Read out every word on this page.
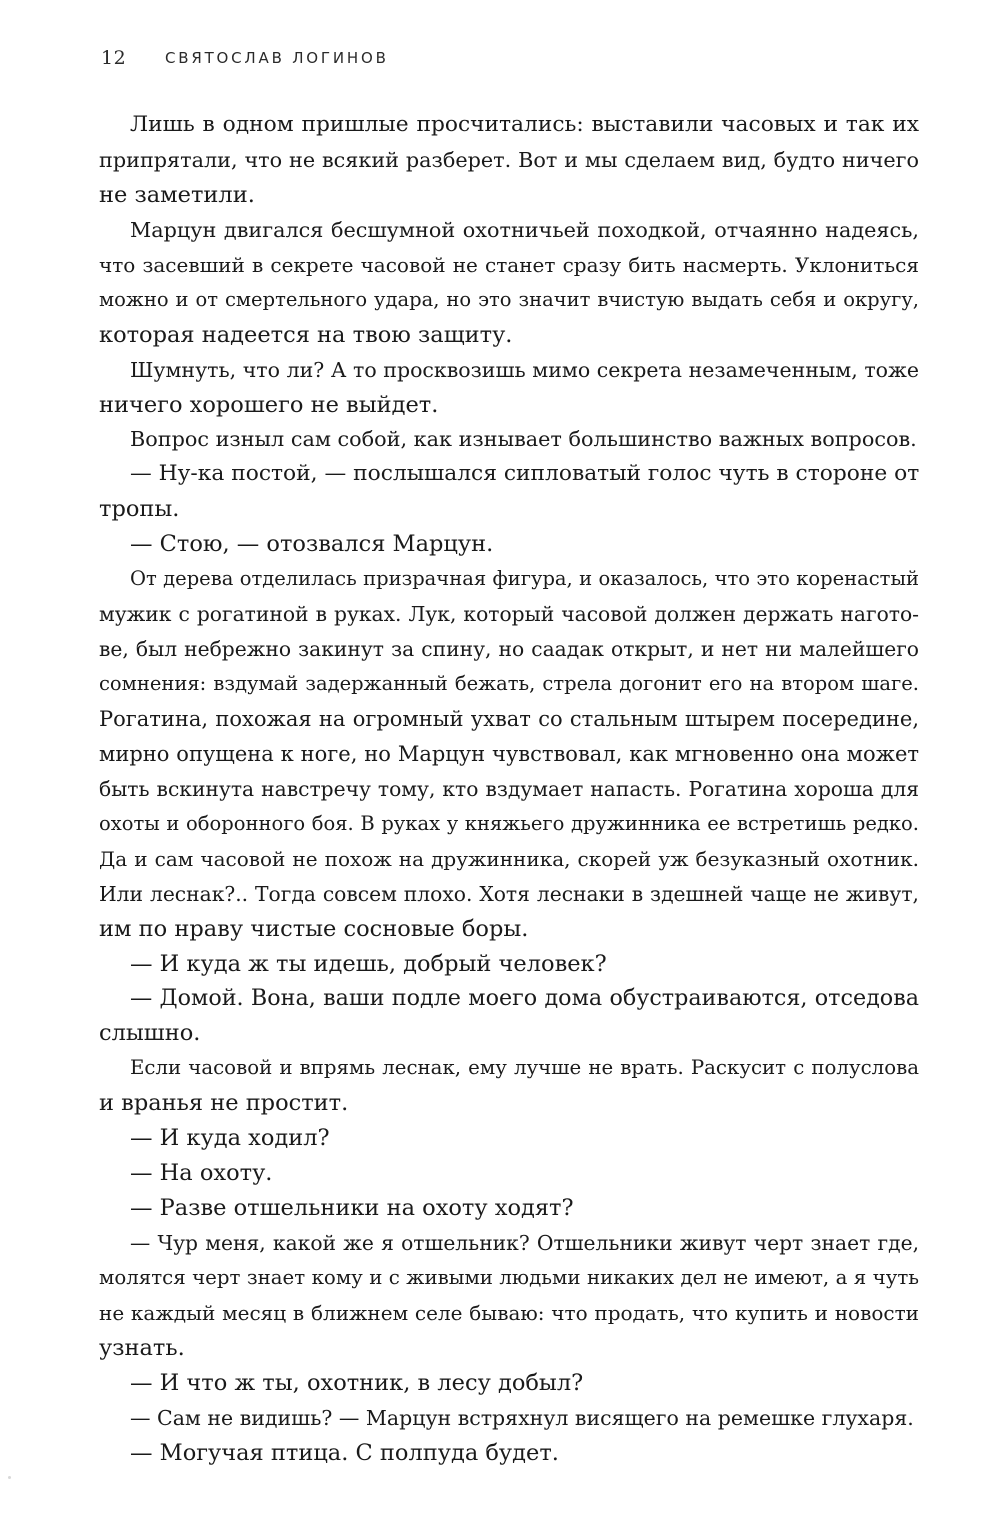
12	СВЯТОСЛАВ ЛОГИНОВ
Лишь в одном пришлые просчитались: выставили часовых и так их
припрятали, что не всякий разберет. Вот и мы сделаем вид, будто ничего
не заметили.
Марцун двигался бесшумной охотничьей походкой, отчаянно надеясь,
что засевший в секрете часовой не станет сразу бить насмерть. Уклониться
можно и от смертельного удара, но это значит вчистую выдать себя и округу,
которая надеется на твою защиту.
Шумнуть, что ли? А то просквозишь мимо секрета незамеченным, тоже
ничего хорошего не выйдет.
Вопрос изныл сам собой, как изнывает большинство важных вопросов.
— Ну-ка постой, — послышался сиплoватый голос чуть в стороне от
тропы.
— Стою, — отозвался Марцун.
От дерева отделилась призрачная фигура, и оказалось, что это коренастый
мужик с рогатиной в руках. Лук, который часовой должен держать нагото-
ве, был небрежно закинут за спину, но саадак открыт, и нет ни малейшего
сомнения: вздумай задержанный бежать, стрела догонит его на втором шаге.
Рогатина, похожая на огромный ухват со стальным штырем посередине,
мирно опущена к ноге, но Марцун чувствовал, как мгновенно она может
быть вскинута навстречу тому, кто вздумает напасть. Рогатина хороша для
охоты и оборонного боя. В руках у княжьего дружинника ее встретишь редко.
Да и сам часовой не похож на дружинника, скорей уж безуказный охотник.
Или леснак?.. Тогда совсем плохо. Хотя леснаки в здешней чаще не живут,
им по нраву чистые сосновые боры.
— И куда ж ты идешь, добрый человек?
— Домой. Вона, ваши подле моего дома обустраиваются, отседова
слышно.
Если часовой и впрямь леснак, ему лучше не врать. Раскусит с полуслова
и вранья не простит.
— И куда ходил?
— На охоту.
— Разве отшельники на охоту ходят?
— Чур меня, какой же я отшельник? Отшельники живут черт знает где,
молятся черт знает кому и с живыми людьми никаких дел не имеют, а я чуть
не каждый месяц в ближнем селе бываю: что продать, что купить и новости
узнать.
— И что ж ты, охотник, в лесу добыл?
— Сам не видишь? — Марцун встряхнул висящего на ремешке глухаря.
— Могучая птица. С полпуда будет.
